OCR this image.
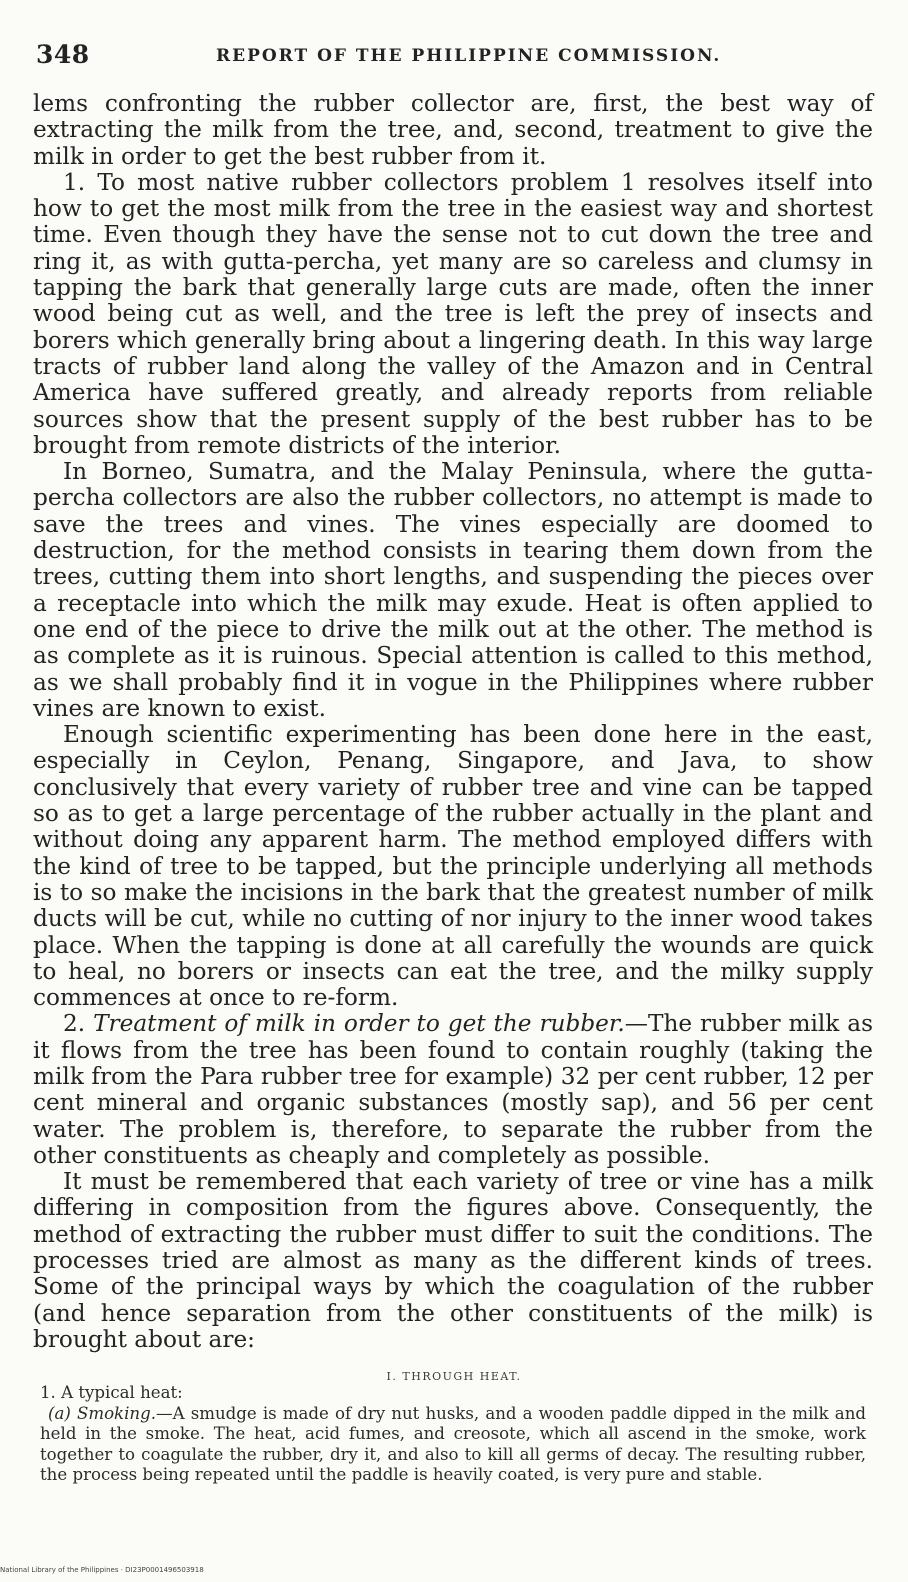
348	REPORT OF THE PHILIPPINE COMMISSION.

lems confronting the rubber collector are, first, the best way of extracting the milk from the tree, and, second, treatment to give the milk in order to get the best rubber from it.

1. To most native rubber collectors problem 1 resolves itself into how to get the most milk from the tree in the easiest way and shortest time. Even though they have the sense not to cut down the tree and ring it, as with gutta-percha, yet many are so careless and clumsy in tapping the bark that generally large cuts are made, often the inner wood being cut as well, and the tree is left the prey of insects and borers which generally bring about a lingering death. In this way large tracts of rubber land along the valley of the Amazon and in Central America have suffered greatly, and already reports from reliable sources show that the present supply of the best rubber has to be brought from remote districts of the interior.

In Borneo, Sumatra, and the Malay Peninsula, where the gutta-percha collectors are also the rubber collectors, no attempt is made to save the trees and vines. The vines especially are doomed to destruction, for the method consists in tearing them down from the trees, cutting them into short lengths, and suspending the pieces over a receptacle into which the milk may exude. Heat is often applied to one end of the piece to drive the milk out at the other. The method is as complete as it is ruinous. Special attention is called to this method, as we shall probably find it in vogue in the Philippines where rubber vines are known to exist.

Enough scientific experimenting has been done here in the east, especially in Ceylon, Penang, Singapore, and Java, to show conclusively that every variety of rubber tree and vine can be tapped so as to get a large percentage of the rubber actually in the plant and without doing any apparent harm. The method employed differs with the kind of tree to be tapped, but the principle underlying all methods is to so make the incisions in the bark that the greatest number of milk ducts will be cut, while no cutting of nor injury to the inner wood takes place. When the tapping is done at all carefully the wounds are quick to heal, no borers or insects can eat the tree, and the milky supply commences at once to re-form.

2. Treatment of milk in order to get the rubber.—The rubber milk as it flows from the tree has been found to contain roughly (taking the milk from the Para rubber tree for example) 32 per cent rubber, 12 per cent mineral and organic substances (mostly sap), and 56 per cent water. The problem is, therefore, to separate the rubber from the other constituents as cheaply and completely as possible.

It must be remembered that each variety of tree or vine has a milk differing in composition from the figures above. Consequently, the method of extracting the rubber must differ to suit the conditions. The processes tried are almost as many as the different kinds of trees. Some of the principal ways by which the coagulation of the rubber (and hence separation from the other constituents of the milk) is brought about are:

I. THROUGH HEAT.

1. A typical heat:

(a) Smoking.—A smudge is made of dry nut husks, and a wooden paddle dipped in the milk and held in the smoke. The heat, acid fumes, and creosote, which all ascend in the smoke, work together to coagulate the rubber, dry it, and also to kill all germs of decay. The resulting rubber, the process being repeated until the paddle is heavily coated, is very pure and stable.

National Library of the Philippines · DI23P0001496503918
